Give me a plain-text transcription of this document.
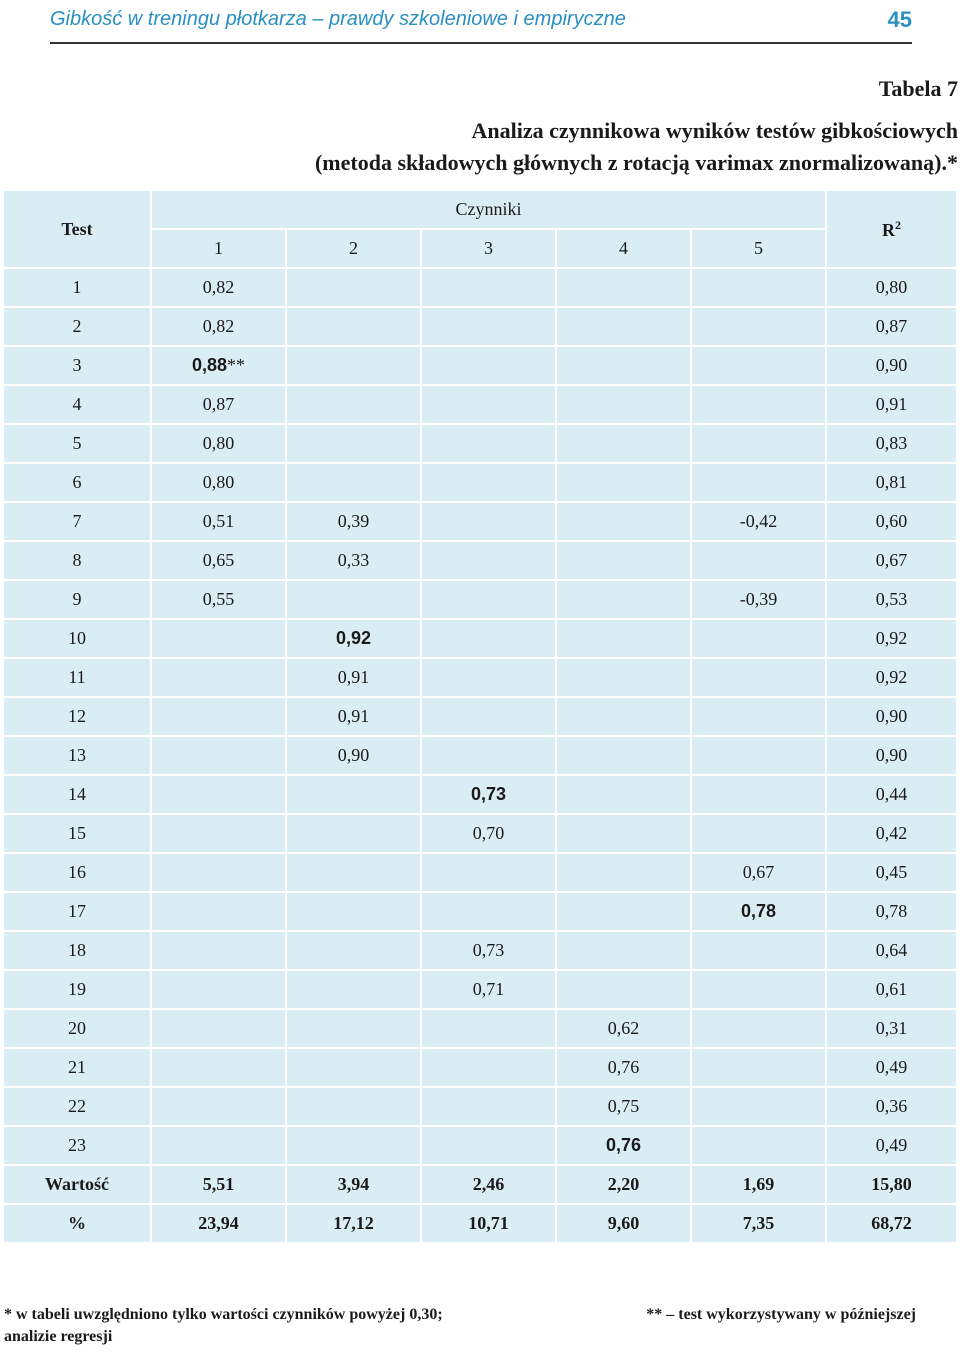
Gibkość w treningu płotkarza – prawdy szkoleniowe i empiryczne	45
Tabela 7
Analiza czynnikowa wyników testów gibkościowych
(metoda składowych głównych z rotacją varimax znormalizowaną).*
Test	Czynniki					$R^2$
	1	2	3	4	5	
1	0,82					0,80
2	0,82					0,87
3	0,88**					0,90
4	0,87					0,91
5	0,80					0,83
6	0,80					0,81
7	0,51	0,39			-0,42	0,60
8	0,65	0,33				0,67
9	0,55				-0,39	0,53
10		0,92				0,92
11		0,91				0,92
12		0,91				0,90
13		0,90				0,90
14			0,73			0,44
15			0,70			0,42
16					0,67	0,45
17					0,78	0,78
18			0,73			0,64
19			0,71			0,61
20				0,62		0,31
21				0,76		0,49
22				0,75		0,36
23				0,76		0,49
Wartość	5,51	3,94	2,46	2,20	1,69	15,80
%	23,94	17,12	10,71	9,60	7,35	68,72
* w tabeli uwzględniono tylko wartości czynników powyżej 0,30;	** – test wykorzystywany w późniejszej
analizie regresji
